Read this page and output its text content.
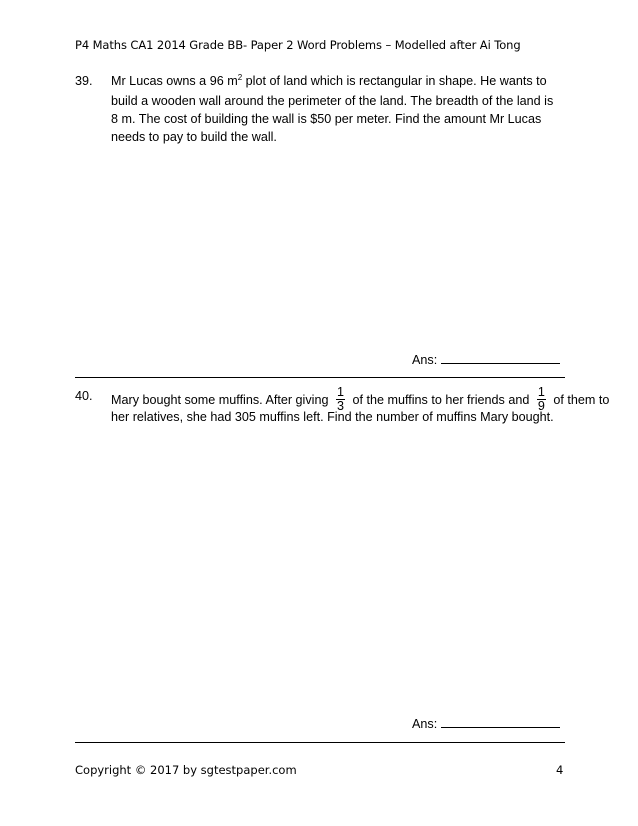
P4 Maths CA1 2014 Grade BB- Paper 2 Word Problems – Modelled after Ai Tong
39. Mr Lucas owns a 96 $m^2$ plot of land which is rectangular in shape. He wants to build a wooden wall around the perimeter of the land. The breadth of the land is 8 m. The cost of building the wall is $50 per meter. Find the amount Mr Lucas needs to pay to build the wall.
Ans:
40. Mary bought some muffins. After giving $\frac{1}{3}$ of the muffins to her friends and $\frac{1}{9}$ of them to
her relatives, she had 305 muffins left. Find the number of muffins Mary bought.
Ans:
Copyright © 2017 by sgtestpaper.com	4
